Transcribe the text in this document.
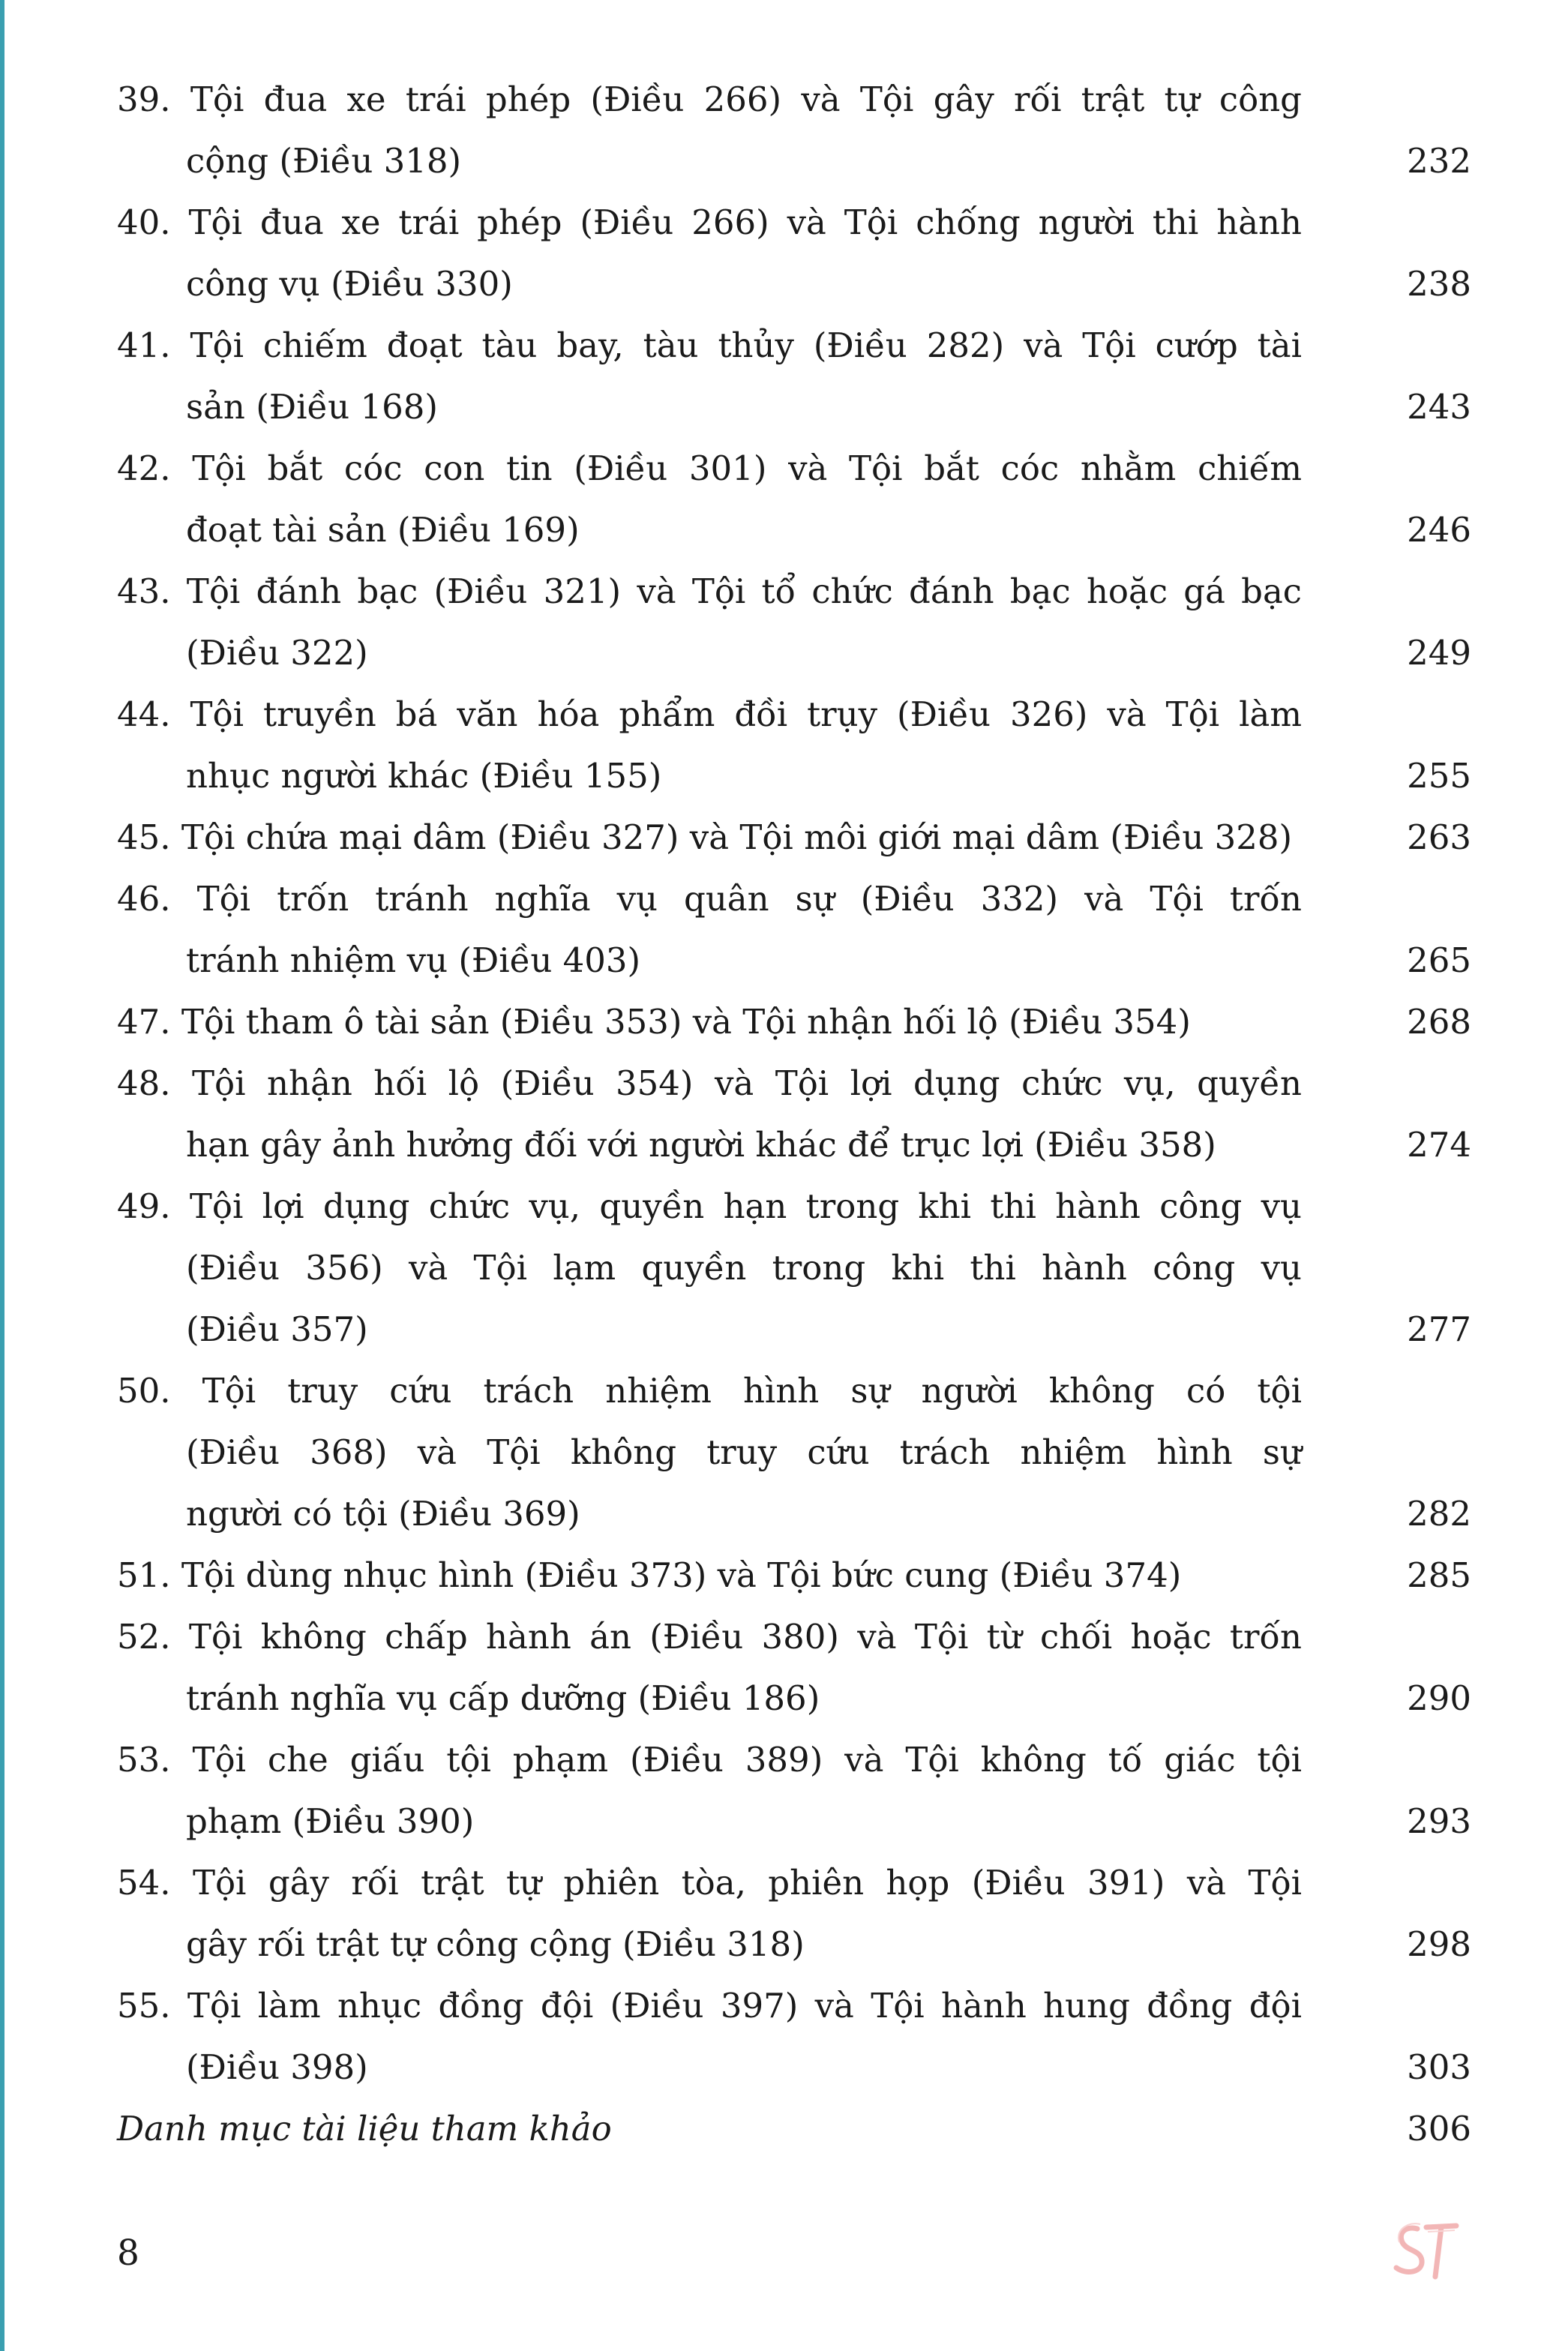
39. Tội đua xe trái phép (Điều 266) và Tội gây rối trật tự công
cộng (Điều 318)	232
40. Tội đua xe trái phép (Điều 266) và Tội chống người thi hành
công vụ (Điều 330)	238
41. Tội chiếm đoạt tàu bay, tàu thủy (Điều 282) và Tội cướp tài
sản (Điều 168)	243
42. Tội bắt cóc con tin (Điều 301) và Tội bắt cóc nhằm chiếm
đoạt tài sản (Điều 169)	246
43. Tội đánh bạc (Điều 321) và Tội tổ chức đánh bạc hoặc gá bạc
(Điều 322)	249
44. Tội truyền bá văn hóa phẩm đồi trụy (Điều 326) và Tội làm
nhục người khác (Điều 155)	255
45. Tội chứa mại dâm (Điều 327) và Tội môi giới mại dâm (Điều 328)	263
46. Tội trốn tránh nghĩa vụ quân sự (Điều 332) và Tội trốn
tránh nhiệm vụ (Điều 403)	265
47. Tội tham ô tài sản (Điều 353) và Tội nhận hối lộ (Điều 354)	268
48. Tội nhận hối lộ (Điều 354) và Tội lợi dụng chức vụ, quyền
hạn gây ảnh hưởng đối với người khác để trục lợi (Điều 358)	274
49. Tội lợi dụng chức vụ, quyền hạn trong khi thi hành công vụ
(Điều 356) và Tội lạm quyền trong khi thi hành công vụ
(Điều 357)	277
50. Tội truy cứu trách nhiệm hình sự người không có tội
(Điều 368) và Tội không truy cứu trách nhiệm hình sự
người có tội (Điều 369)	282
51. Tội dùng nhục hình (Điều 373) và Tội bức cung (Điều 374)	285
52. Tội không chấp hành án (Điều 380) và Tội từ chối hoặc trốn
tránh nghĩa vụ cấp dưỡng (Điều 186)	290
53. Tội che giấu tội phạm (Điều 389) và Tội không tố giác tội
phạm (Điều 390)	293
54. Tội gây rối trật tự phiên tòa, phiên họp (Điều 391) và Tội
gây rối trật tự công cộng (Điều 318)	298
55. Tội làm nhục đồng đội (Điều 397) và Tội hành hung đồng đội
(Điều 398)	303
Danh mục tài liệu tham khảo	306
8
